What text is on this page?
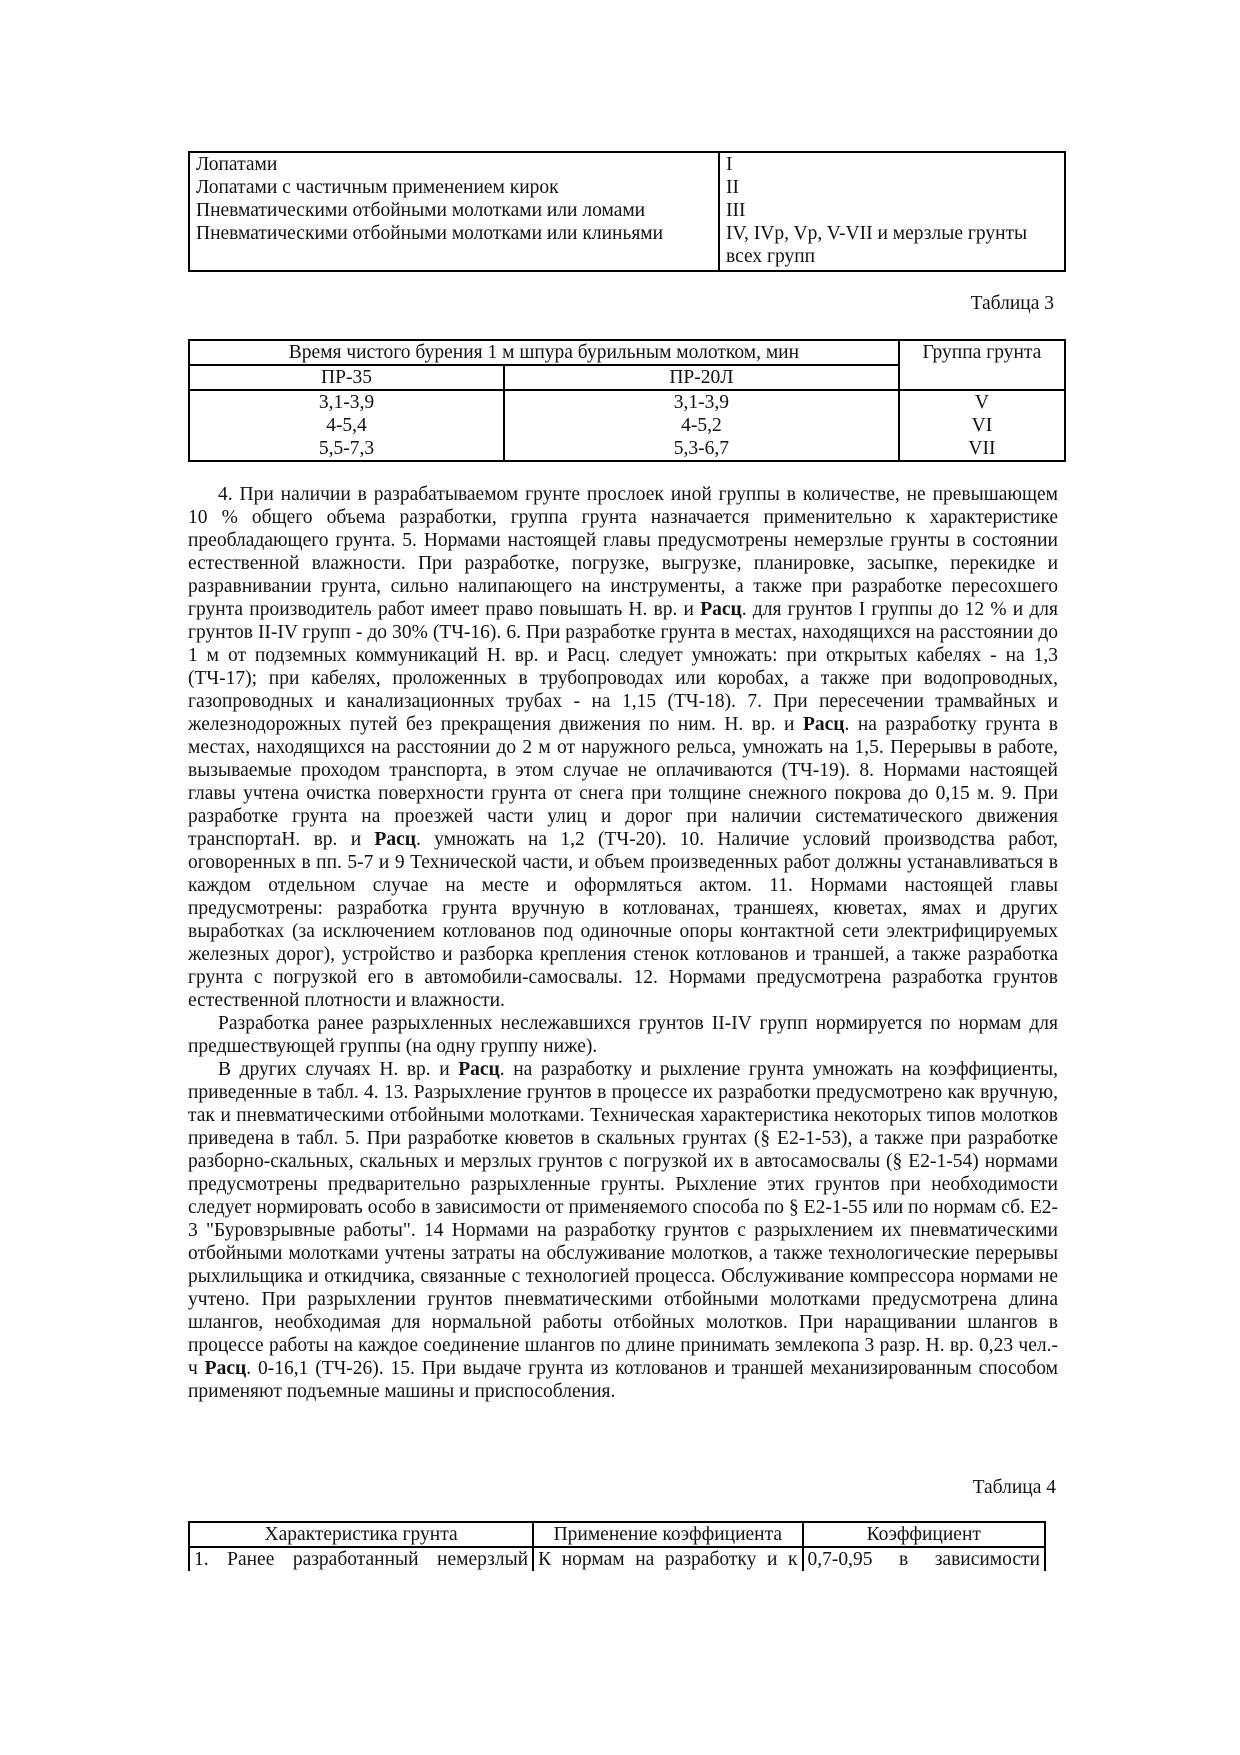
Лопатами	I
Лопатами с частичным применением кирок	II
Пневматическими отбойными молотками или ломами	III
Пневматическими отбойными молотками или клиньями	IV, IVp, Vp, V-VII и мерзлые грунты всех групп
Таблица 3
Время чистого бурения 1 м шпура бурильным молотком, мин		Группа грунта
ПР-35	ПР-20Л	
3,1-3,9	3,1-3,9	V
4-5,4	4-5,2	VI
5,5-7,3	5,3-6,7	VII

4. При наличии в разрабатываемом грунте прослоек иной группы в количестве, не превышающем 10 % общего объема разработки, группа грунта назначается применительно к характеристике преобладающего грунта. 5. Нормами настоящей главы предусмотрены немерзлые грунты в состоянии естественной влажности. При разработке, погрузке, выгрузке, планировке, засыпке, перекидке и разравнивании грунта, сильно налипающего на инструменты, а также при разработке пересохшего грунта производитель работ имеет право повышать Н. вр. и Расц. для грунтов I группы до 12 % и для грунтов II-IV групп - до 30% (ТЧ-16). 6. При разработке грунта в местах, находящихся на расстоянии до 1 м от подземных коммуникаций Н. вр. и Расц. следует умножать: при открытых кабелях - на 1,3 (ТЧ-17); при кабелях, проложенных в трубопроводах или коробах, а также при водопроводных, газопроводных и канализационных трубах - на 1,15 (ТЧ-18). 7. При пересечении трамвайных и железнодорожных путей без прекращения движения по ним. Н. вр. и Расц. на разработку грунта в местах, находящихся на расстоянии до 2 м от наружного рельса, умножать на 1,5. Перерывы в работе, вызываемые проходом транспорта, в этом случае не оплачиваются (ТЧ-19). 8. Нормами настоящей главы учтена очистка поверхности грунта от снега при толщине снежного покрова до 0,15 м. 9. При разработке грунта на проезжей части улиц и дорог при наличии систематического движения транспортаН. вр. и Расц. умножать на 1,2 (ТЧ-20). 10. Наличие условий производства работ, оговоренных в пп. 5-7 и 9 Технической части, и объем произведенных работ должны устанавливаться в каждом отдельном случае на месте и оформляться актом. 11. Нормами настоящей главы предусмотрены: разработка грунта вручную в котлованах, траншеях, кюветах, ямах и других выработках (за исключением котлованов под одиночные опоры контактной сети электрифицируемых железных дорог), устройство и разборка крепления стенок котлованов и траншей, а также разработка грунта с погрузкой его в автомобили-самосвалы. 12. Нормами предусмотрена разработка грунтов естественной плотности и влажности.

Разработка ранее разрыхленных неслежавшихся грунтов II-IV групп нормируется по нормам для предшествующей группы (на одну группу ниже).

В других случаях Н. вр. и Расц. на разработку и рыхление грунта умножать на коэффициенты, приведенные в табл. 4. 13. Разрыхление грунтов в процессе их разработки предусмотрено как вручную, так и пневматическими отбойными молотками. Техническая характеристика некоторых типов молотков приведена в табл. 5. При разработке кюветов в скальных грунтах (§ Е2-1-53), а также при разработке разборно-скальных, скальных и мерзлых грунтов с погрузкой их в автосамосвалы (§ Е2-1-54) нормами предусмотрены предварительно разрыхленные грунты. Рыхление этих грунтов при необходимости следует нормировать особо в зависимости от применяемого способа по § Е2-1-55 или по нормам сб. Е2-3 "Буровзрывные работы". 14 Нормами на разработку грунтов с разрыхлением их пневматическими отбойными молотками учтены затраты на обслуживание молотков, а также технологические перерывы рыхлильщика и откидчика, связанные с технологией процесса. Обслуживание компрессора нормами не учтено. При разрыхлении грунтов пневматическими отбойными молотками предусмотрена длина шлангов, необходимая для нормальной работы отбойных молотков. При наращивании шлангов в процессе работы на каждое соединение шлангов по длине принимать землекопа 3 разр. Н. вр. 0,23 чел.-ч Расц. 0-16,1 (ТЧ-26). 15. При выдаче грунта из котлованов и траншей механизированным способом применяют подъемные машины и приспособления.

Таблица 4
Характеристика грунта	Применение коэффициента	Коэффициент
1. Ранее разработанный немерзлый	К нормам на разработку и к	0,7-0,95 в зависимости
